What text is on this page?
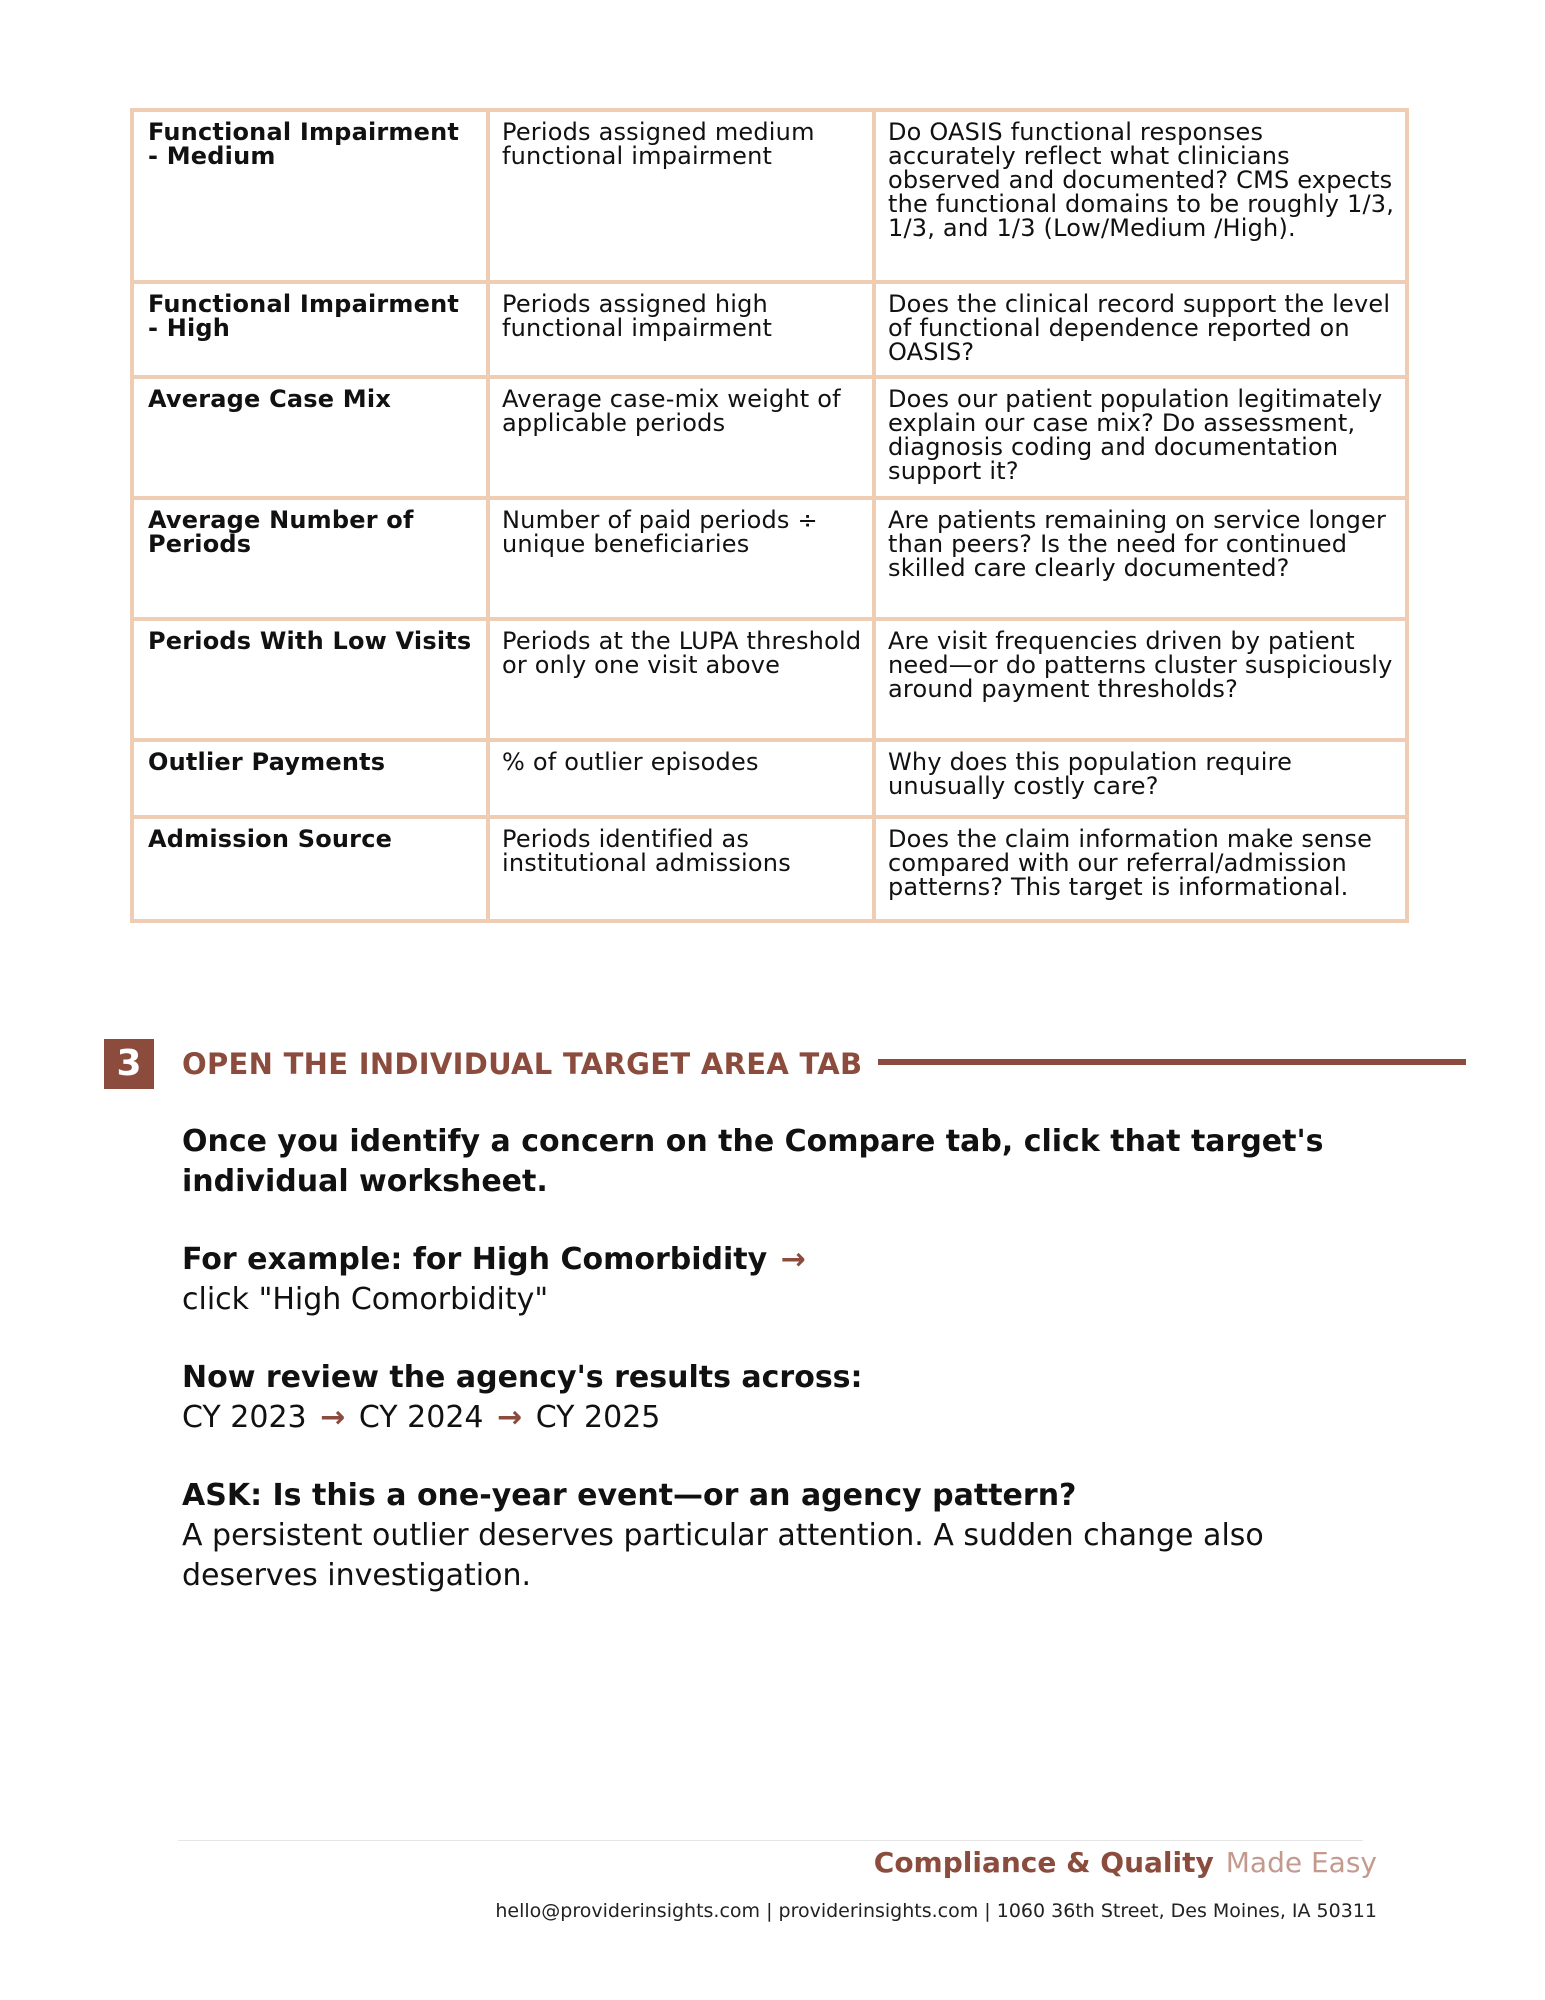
Functional Impairment - Medium	Periods assigned medium functional impairment	Do OASIS functional responses accurately reflect what clinicians observed and documented? CMS expects the functional domains to be roughly 1/3, 1/3, and 1/3 (Low/Medium /High).
Functional Impairment - High	Periods assigned high functional impairment	Does the clinical record support the level of functional dependence reported on OASIS?
Average Case Mix	Average case-mix weight of applicable periods	Does our patient population legitimately explain our case mix? Do assessment, diagnosis coding and documentation support it?
Average Number of Periods	Number of paid periods ÷ unique beneficiaries	Are patients remaining on service longer than peers? Is the need for continued skilled care clearly documented?
Periods With Low Visits	Periods at the LUPA threshold or only one visit above	Are visit frequencies driven by patient need—or do patterns cluster suspiciously around payment thresholds?
Outlier Payments	% of outlier episodes	Why does this population require unusually costly care?
Admission Source	Periods identified as institutional admissions	Does the claim information make sense compared with our referral/admission patterns? This target is informational.
3	OPEN THE INDIVIDUAL TARGET AREA TAB
Once you identify a concern on the Compare tab, click that target's individual worksheet.
For example: for High Comorbidity →
click "High Comorbidity"
Now review the agency's results across:
CY 2023 → CY 2024 → CY 2025
ASK: Is this a one-year event—or an agency pattern?
A persistent outlier deserves particular attention. A sudden change also deserves investigation.
Compliance & Quality Made Easy
hello@providerinsights.com | providerinsights.com | 1060 36th Street, Des Moines, IA 50311
